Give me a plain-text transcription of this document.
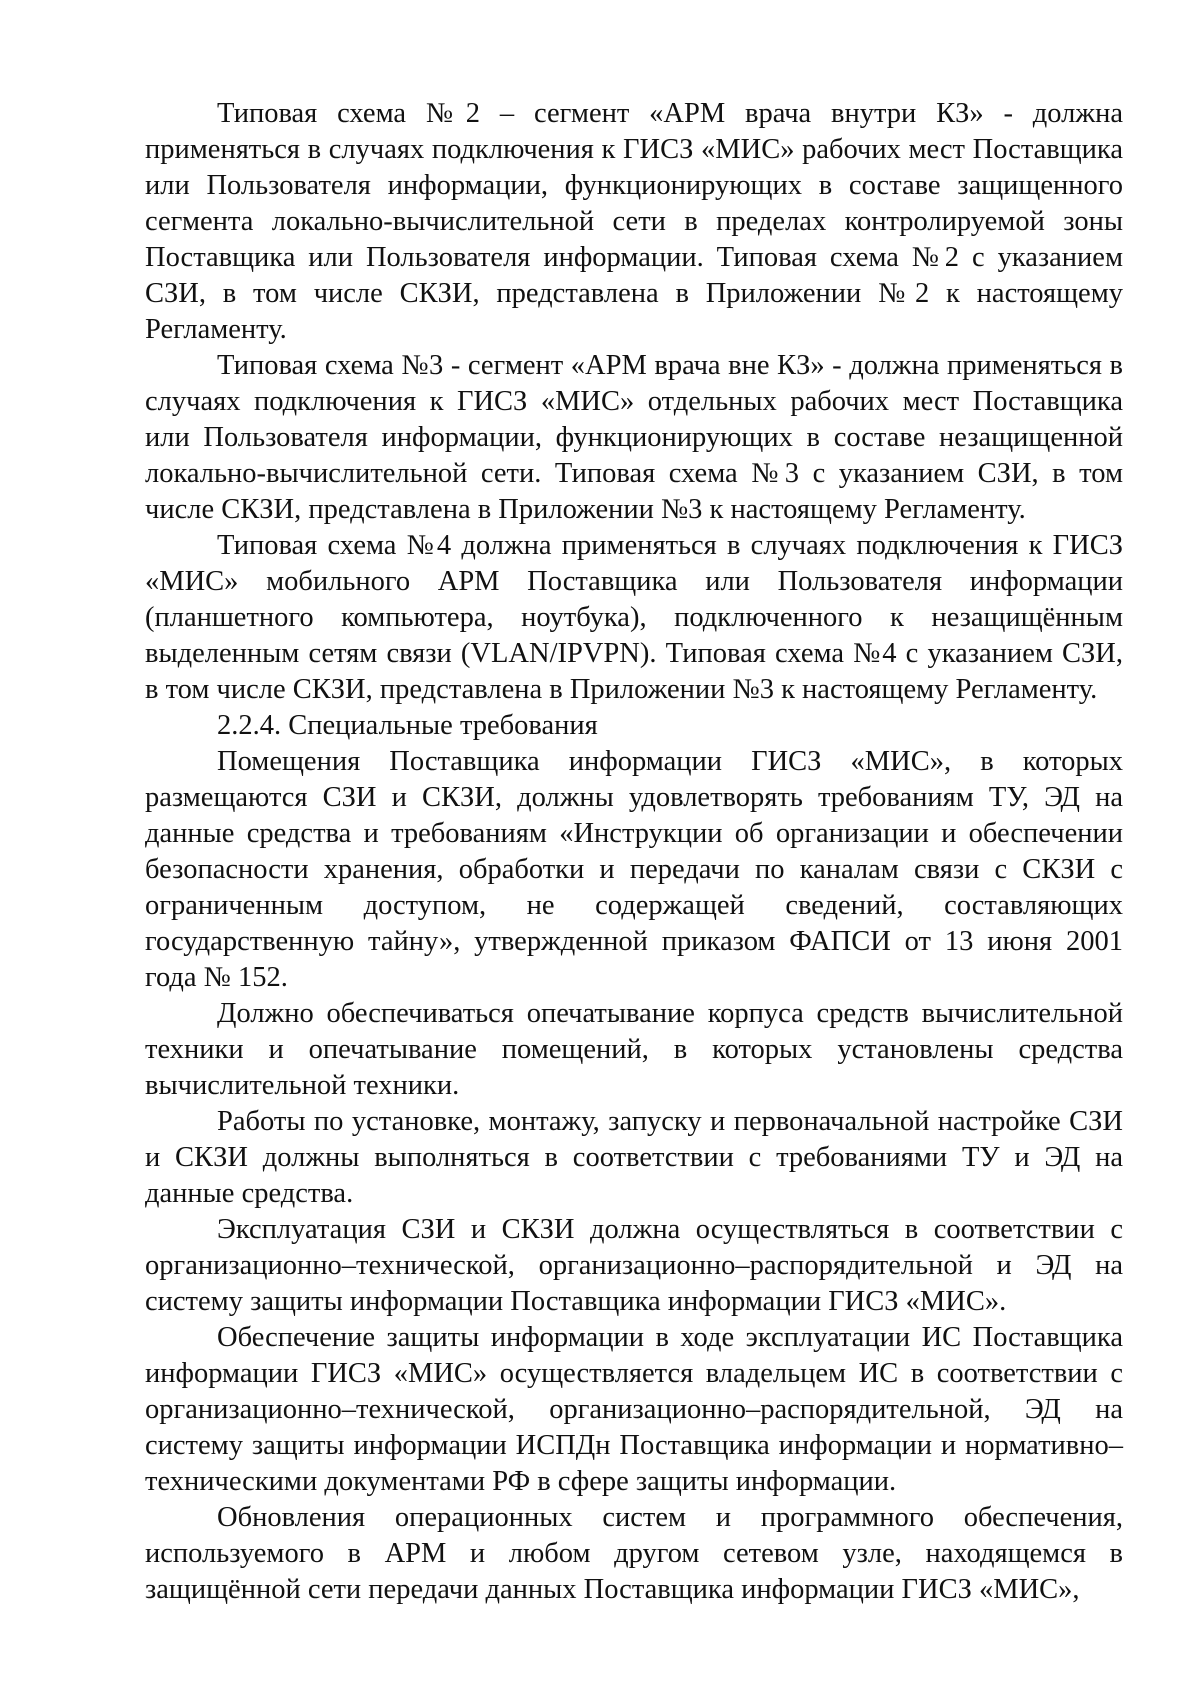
Типовая схема №2 – сегмент «АРМ врача внутри КЗ» - должна применяться в случаях подключения к ГИСЗ «МИС» рабочих мест Поставщика или Пользователя информации, функционирующих в составе защищенного сегмента локально-вычислительной сети в пределах контролируемой зоны Поставщика или Пользователя информации. Типовая схема №2 с указанием СЗИ, в том числе СКЗИ, представлена в Приложении №2 к настоящему Регламенту.

Типовая схема №3 - сегмент «АРМ врача вне КЗ» - должна применяться в случаях подключения к ГИСЗ «МИС» отдельных рабочих мест Поставщика или Пользователя информации, функционирующих в составе незащищенной локально-вычислительной сети. Типовая схема №3 с указанием СЗИ, в том числе СКЗИ, представлена в Приложении №3 к настоящему Регламенту.

Типовая схема №4 должна применяться в случаях подключения к ГИСЗ «МИС» мобильного АРМ Поставщика или Пользователя информации (планшетного компьютера, ноутбука), подключенного к незащищённым выделенным сетям связи (VLAN/IPVPN). Типовая схема №4 с указанием СЗИ, в том числе СКЗИ, представлена в Приложении №3 к настоящему Регламенту.

2.2.4. Специальные требования

Помещения Поставщика информации ГИСЗ «МИС», в которых размещаются СЗИ и СКЗИ, должны удовлетворять требованиям ТУ, ЭД на данные средства и требованиям «Инструкции об организации и обеспечении безопасности хранения, обработки и передачи по каналам связи с СКЗИ с ограниченным доступом, не содержащей сведений, составляющих государственную тайну», утвержденной приказом ФАПСИ от 13 июня 2001 года № 152.

Должно обеспечиваться опечатывание корпуса средств вычислительной техники и опечатывание помещений, в которых установлены средства вычислительной техники.

Работы по установке, монтажу, запуску и первоначальной настройке СЗИ и СКЗИ должны выполняться в соответствии с требованиями ТУ и ЭД на данные средства.

Эксплуатация СЗИ и СКЗИ должна осуществляться в соответствии с организационно–технической, организационно–распорядительной и ЭД на систему защиты информации Поставщика информации ГИСЗ «МИС».

Обеспечение защиты информации в ходе эксплуатации ИС Поставщика информации ГИСЗ «МИС» осуществляется владельцем ИС в соответствии с организационно–технической, организационно–распорядительной, ЭД на систему защиты информации ИСПДн Поставщика информации и нормативно–техническими документами РФ в сфере защиты информации.

Обновления операционных систем и программного обеспечения, используемого в АРМ и любом другом сетевом узле, находящемся в защищённой сети передачи данных Поставщика информации ГИСЗ «МИС»,
